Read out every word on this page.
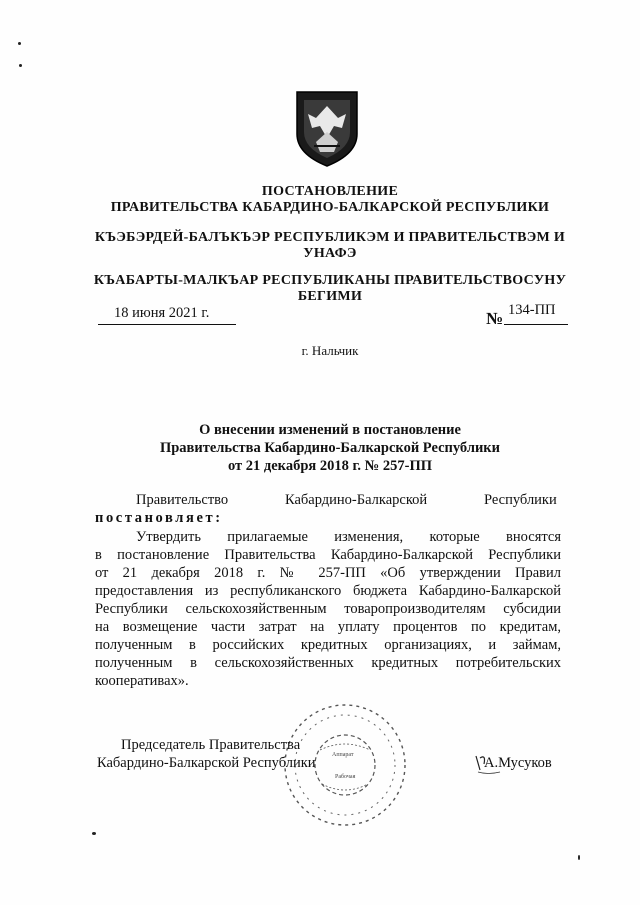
ПОСТАНОВЛЕНИЕ
ПРАВИТЕЛЬСТВА КАБАРДИНО-БАЛКАРСКОЙ РЕСПУБЛИКИ
КЪЭБЭРДЕЙ-БАЛЪКЪЭР РЕСПУБЛИКЭМ И ПРАВИТЕЛЬСТВЭМ И
УНАФЭ
КЪАБАРТЫ-МАЛКЪАР РЕСПУБЛИКАНЫ ПРАВИТЕЛЬСТВОСУНУ
БЕГИМИ
18 июня 2021 г.	№ 134-ПП
г. Нальчик
О внесении изменений в постановление
Правительства Кабардино-Балкарской Республики
от 21 декабря 2018 г. № 257-ПП
Правительство	Кабардино-Балкарской	Республики
постановляет:
Утвердить прилагаемые изменения, которые вносятся
в постановление Правительства Кабардино-Балкарской Республики
от 21 декабря 2018 г. № 257-ПП «Об утверждении Правил
предоставления из республиканского бюджета Кабардино-Балкарской
Республики сельскохозяйственным товаропроизводителям субсидии
на возмещение части затрат на уплату процентов по кредитам,
полученным в российских кредитных организациях, и займам,
полученным в сельскохозяйственных кредитных потребительских
кооперативах».
Аппарат
Рабочая
Председатель Правительства
Кабардино-Балкарской Республики	А.Мусуков
